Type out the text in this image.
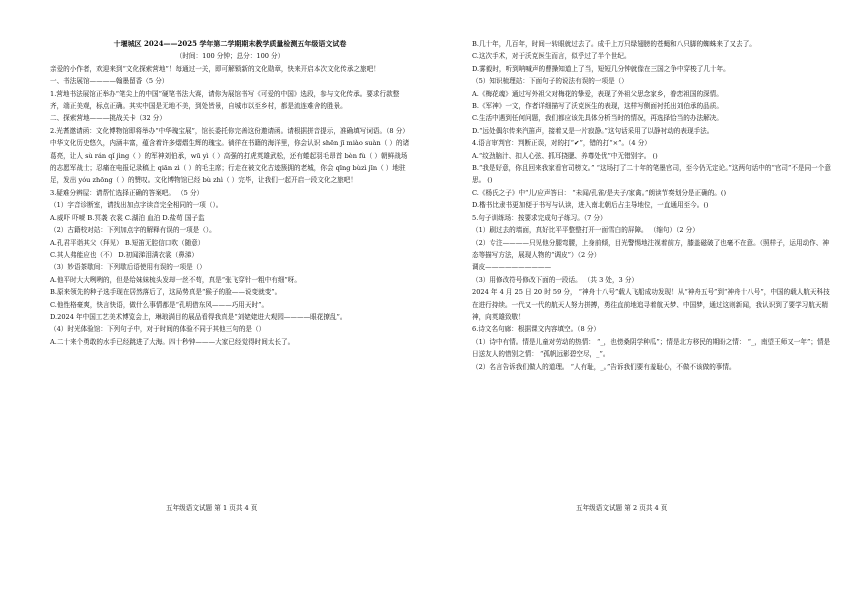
十堰城区 2024——2025 学年第二学期期末教学质量检测五年级语文试卷
（时间：100 分钟；总分：100 分）
亲爱的小作者，欢迎来到“文化探索营地”！每通过一关，即可解锁新的文化勋章，快来开启本次文化传承之旅吧！
一、书法展馆————翰墨留香（5 分）
1.营地书法展馆正举办“笔尖上的中国”硬笔书法大赛，请你为展馆书写《可爱的中国》选段，参与文化传承。要求行款整齐，端正美观，标点正确。其实中国是无地不美，到处皆景，自城市以至乡村，都是流连难舍的胜景。
二、探索营地———挑战关卡（32 分）
2.光耆邀请函：文化博物馆即将举办“中华瑰宝展”，馆长委托你完善这份邀请函。请根据拼音提示，准确填写词语。（8 分）
中华文化历史悠久，内涵丰富，蕴含着许多熠熠生辉的瑰宝。徜徉在书籍的海洋里，你会认识 shēn jī miào suàn（ ）的诸葛亮，让人 sù rán qǐ jìng（ ）的军神刘伯承，wū yì（ ）高强的打虎英雄武松，还有蜷起羽毛昂首 bèn fù（ ）朝鲜战场的志愿军战士；忍痛在电报记录稿上 qiān zì（ ）的毛主席；行走在被文化古迹簇拥的老城，你会 qīng bùzì jīn（ ）地驻足，发出 yóu zhōng（ ）的赞叹。文化博物馆已经 bù zhì（ ）完毕，让我们一起开启一段文化之旅吧！
3.疑难分辨屋：请帮忙选择正确的答案吧。 （5 分）
（1）字音诊断室，请找出加点字读音完全相同的一项（）。
A.威吓 吓唬 B.冥袭 衣裳 C.湖泊 血泊 D.盐苟 国子监
（2）古籍校对站：下列加点字的解释有误的一项是（）。
A.孔君平诣其父（拜见） B.短笛无腔信口吹（随意）
C.其人弗能应也（不） D.初闻涕泪满衣裳（鼻涕）
（3）妙语茶歇间：下列歇后语使用有误的一项是（）
A.他平时大大咧咧的，但是给妹妹梳头发却一丝不苟，真是“张飞穿针一粗中有细”呀。
B.原来领先的种子选手现在居然落后了，这局势真是“猴子的脸——说变就变”。
C.他性格豪爽，快言快语，做什么事情都是“孔明借东风———巧用天时”。
D.2024 年中国工艺美术博览会上，琳琅满目的展品看得我真是“刘姥姥进大观园————眼花撩乱”。
（4）时光体验馆：下列句子中，对于时间的体验不同于其他三句的是（）
A.二十来个勇敢的水手已经跳进了大海。四十秒钟———大家已经觉得时间太长了。
B.几十年，几百年，时间一转眼就过去了。成千上万只绿翅膀的苍蝇和八只脚的蜘蛛来了又去了。
C.这次手术，对于沃克医生而言，似乎过了半个世纪。
D.雾毅时，听到呐喊声的曹操知道上了当，短短几分钟就像在三国之争中穿梭了几十年。
（5）知识梳理站：下面句子的说法有误的一项是（）
A.《梅花魂》通过写外祖父对梅花的挚爱，表现了外祖父思念家乡，眷恋祖国的深情。
B.《军神》一文，作者详细描写了沃克医生的表现，这样写侧面衬托出刘伯承的品质。
C.生活中遇到任何问题，我们都应该先具体分析当时的情况，再选择恰当的办法解决。
D.“远处偶尔传来汽笛声，接着又是一片寂静。”这句话采用了以静衬动的表现手法。
4.语言审判官：判断正误，对的打“✔”，错的打“×”。（4 分）
A.“纹劲脑汁、扣人心弦、抓耳挠腮、养尊处优”中无错别字。 ()
B.“我是好意，你且回来我家看官司榜文。” “这场打了二十年的笔墨官司，至今仍无定论。”这两句话中的“官司”不是同一个意思。 ()
C.《杨氏之子》中“儿/应声答曰： “未闻/孔雀/是夫子/家禽。”朗读节奏划分是正确的。()
D.楷书比隶书更加便于书写与认读，进入南北朝后占主导地位，一直通用至今。()
5.句子训练场：按要求完成句子练习。（7 分）
（1）刷过去的墙面，真好比平平整整打开一面雪白的屏障。 （缩句）（2 分）
（2）专注————只见他分腿弯腰，上身前倾，目光警惕地注视着前方，膝盖磁破了也毫不在意。（照样子，运用动作、神态等描写方法，展现人物的“调皮”）（2 分）
调皮——————————
（3）用修改符号修改下面的一段话。 （共 3 处，3 分）
2024 年 4 月 25 日 20 时 59 分， “神舟十八号”载人飞船成功发现！从“神舟五号”到“神舟十八号”，中国的载人航天科技在进行持续。一代又一代的航天人努力拼搏，勇往直前地追寻着航天梦、中国梦，通过这则新闻，我认识到了要学习航天精神，向英雄致敬！
6.诗文名句廊：根据课文内容填空。（8 分）
（1）诗中有情。情是儿童对劳动的热情： “_，也傍桑阴学种瓜”；情是北方移民的期盼之情： “_，南望王师又一年”；情是日送友人的惜别之情： “孤帆远影碧空尽，_”。
（2）名言告诉我们做人的道理。 “人有耻，_。”告诉我们要有羞耻心，不做不该做的事情。
五年级语文试题 第 1 页共 4 页	五年级语文试题 第 2 页共 4 页
